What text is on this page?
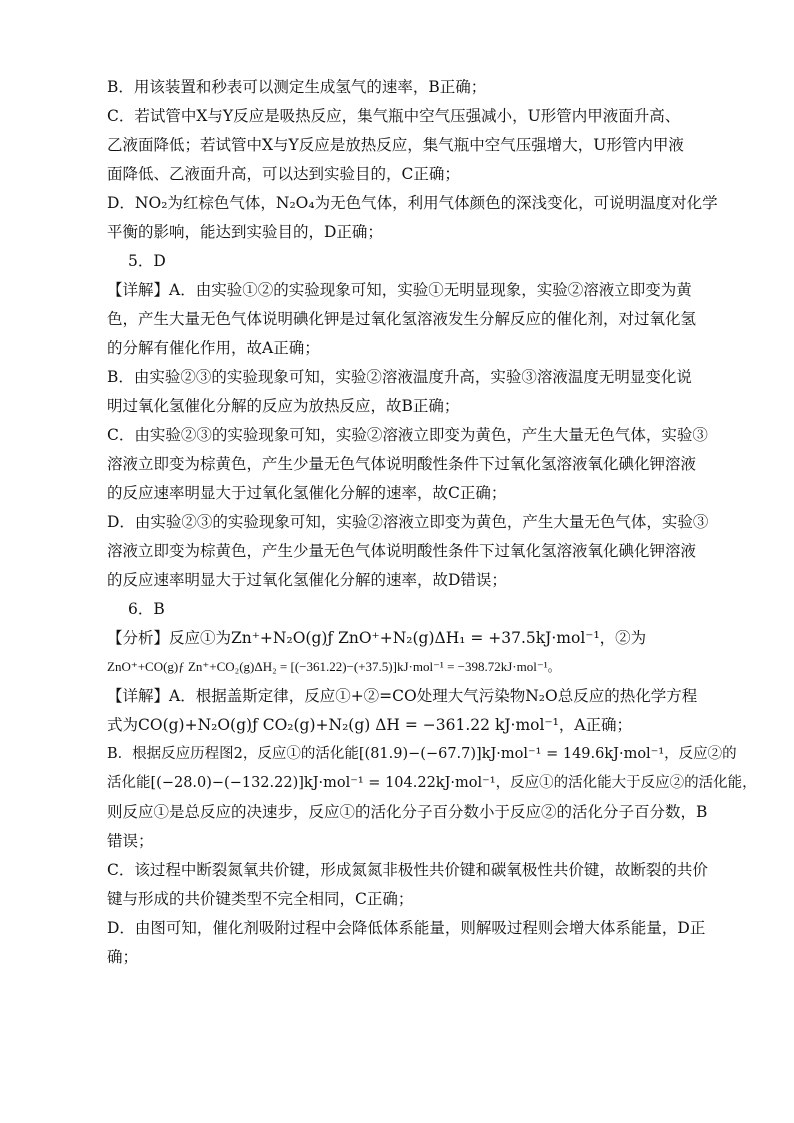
B．用该装置和秒表可以测定生成氢气的速率，B正确；
C．若试管中X与Y反应是吸热反应，集气瓶中空气压强减小，U形管内甲液面升高、
乙液面降低；若试管中X与Y反应是放热反应，集气瓶中空气压强增大，U形管内甲液
面降低、乙液面升高，可以达到实验目的，C正确；
D．NO₂为红棕色气体，N₂O₄为无色气体，利用气体颜色的深浅变化，可说明温度对化学
平衡的影响，能达到实验目的，D正确；
5．D
【详解】A．由实验①②的实验现象可知，实验①无明显现象，实验②溶液立即变为黄
色，产生大量无色气体说明碘化钾是过氧化氢溶液发生分解反应的催化剂，对过氧化氢
的分解有催化作用，故A正确；
B．由实验②③的实验现象可知，实验②溶液温度升高，实验③溶液温度无明显变化说
明过氧化氢催化分解的反应为放热反应，故B正确；
C．由实验②③的实验现象可知，实验②溶液立即变为黄色，产生大量无色气体，实验③
溶液立即变为棕黄色，产生少量无色气体说明酸性条件下过氧化氢溶液氧化碘化钾溶液
的反应速率明显大于过氧化氢催化分解的速率，故C正确；
D．由实验②③的实验现象可知，实验②溶液立即变为黄色，产生大量无色气体，实验③
溶液立即变为棕黄色，产生少量无色气体说明酸性条件下过氧化氢溶液氧化碘化钾溶液
的反应速率明显大于过氧化氢催化分解的速率，故D错误；
6．B
【分析】反应①为Zn⁺+N₂O(g)ƒ ZnO⁺+N₂(g)ΔH₁ = +37.5kJ·mol⁻¹，②为
ZnO⁺+CO(g)ƒ Zn⁺+CO₂(g)ΔH₂ = [(−361.22)−(+37.5)]kJ·mol⁻¹ = −398.72kJ·mol⁻¹。
【详解】A．根据盖斯定律，反应①+②=CO处理大气污染物N₂O总反应的热化学方程
式为CO(g)+N₂O(g)ƒ CO₂(g)+N₂(g) ΔH = −361.22 kJ·mol⁻¹，A正确；
B．根据反应历程图2，反应①的活化能[(81.9)−(−67.7)]kJ·mol⁻¹ = 149.6kJ·mol⁻¹，反应②的
活化能[(−28.0)−(−132.22)]kJ·mol⁻¹ = 104.22kJ·mol⁻¹，反应①的活化能大于反应②的活化能，
则反应①是总反应的决速步，反应①的活化分子百分数小于反应②的活化分子百分数，B
错误；
C．该过程中断裂氮氧共价键，形成氮氮非极性共价键和碳氧极性共价键，故断裂的共价
键与形成的共价键类型不完全相同，C正确；
D．由图可知，催化剂吸附过程中会降低体系能量，则解吸过程则会增大体系能量，D正
确；
